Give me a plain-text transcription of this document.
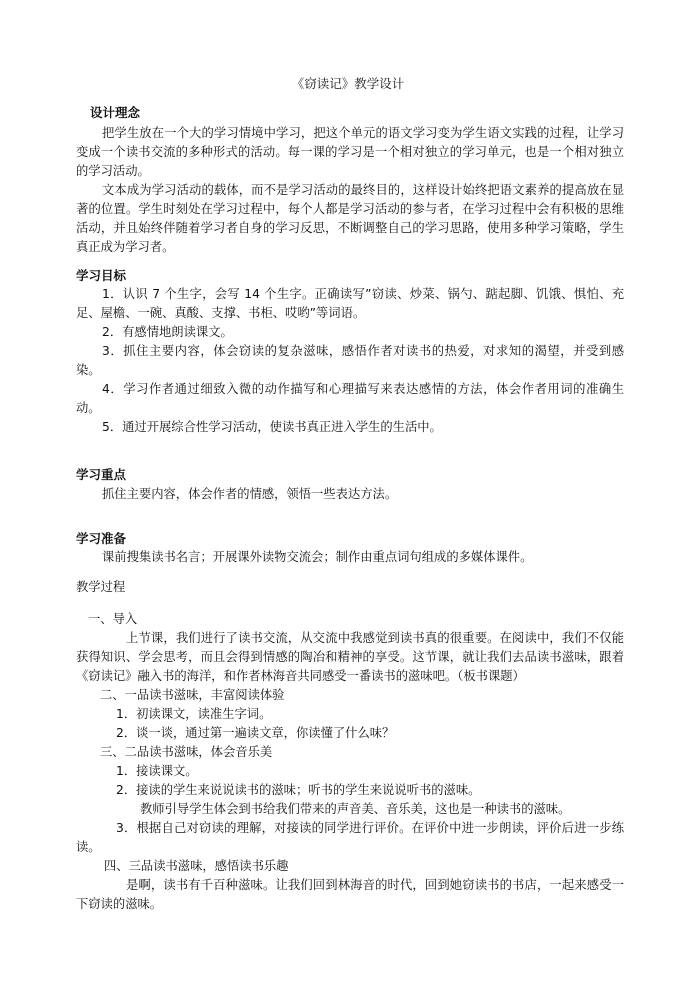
《窃读记》教学设计
设计理念
把学生放在一个大的学习情境中学习，把这个单元的语文学习变为学生语文实践的过程，让学习变成一个读书交流的多种形式的活动。每一课的学习是一个相对独立的学习单元，也是一个相对独立的学习活动。
文本成为学习活动的载体，而不是学习活动的最终目的，这样设计始终把语文素养的提高放在显著的位置。学生时刻处在学习过程中，每个人都是学习活动的参与者，在学习过程中会有积极的思维活动，并且始终伴随着学习者自身的学习反思，不断调整自己的学习思路，使用多种学习策略，学生真正成为学习者。
学习目标
1．认识 7 个生字，会写 14 个生字。正确读写”窃读、炒菜、锅勺、踮起脚、饥饿、惧怕、充足、屋檐、一碗、真酸、支撑、书柜、哎哟”等词语。
2．有感情地朗读课文。
3．抓住主要内容，体会窃读的复杂滋味，感悟作者对读书的热爱，对求知的渴望，并受到感染。
4．学习作者通过细致入微的动作描写和心理描写来表达感情的方法，体会作者用词的准确生动。
5．通过开展综合性学习活动，使读书真正进入学生的生活中。
学习重点
抓住主要内容，体会作者的情感，领悟一些表达方法。
学习准备
课前搜集读书名言；开展课外读物交流会；制作由重点词句组成的多媒体课件。
教学过程
一、导入
上节课，我们进行了读书交流，从交流中我感觉到读书真的很重要。在阅读中，我们不仅能获得知识、学会思考，而且会得到情感的陶冶和精神的享受。这节课，就让我们去品读书滋味，跟着《窃读记》融入书的海洋，和作者林海音共同感受一番读书的滋味吧。（板书课题）
二、一品读书滋味，丰富阅读体验
1．初读课文，读准生字词。
2．谈一谈，通过第一遍读文章，你读懂了什么味？
三、二品读书滋味，体会音乐美
1．接读课文。
2．接读的学生来说说读书的滋味；听书的学生来说说听书的滋味。
教师引导学生体会到书给我们带来的声音美、音乐美，这也是一种读书的滋味。
3．根据自己对窃读的理解，对接读的同学进行评价。在评价中进一步朗读，评价后进一步练读。
四、三品读书滋味，感悟读书乐趣
是啊，读书有千百种滋味。让我们回到林海音的时代，回到她窃读书的书店，一起来感受一下窃读的滋味。
